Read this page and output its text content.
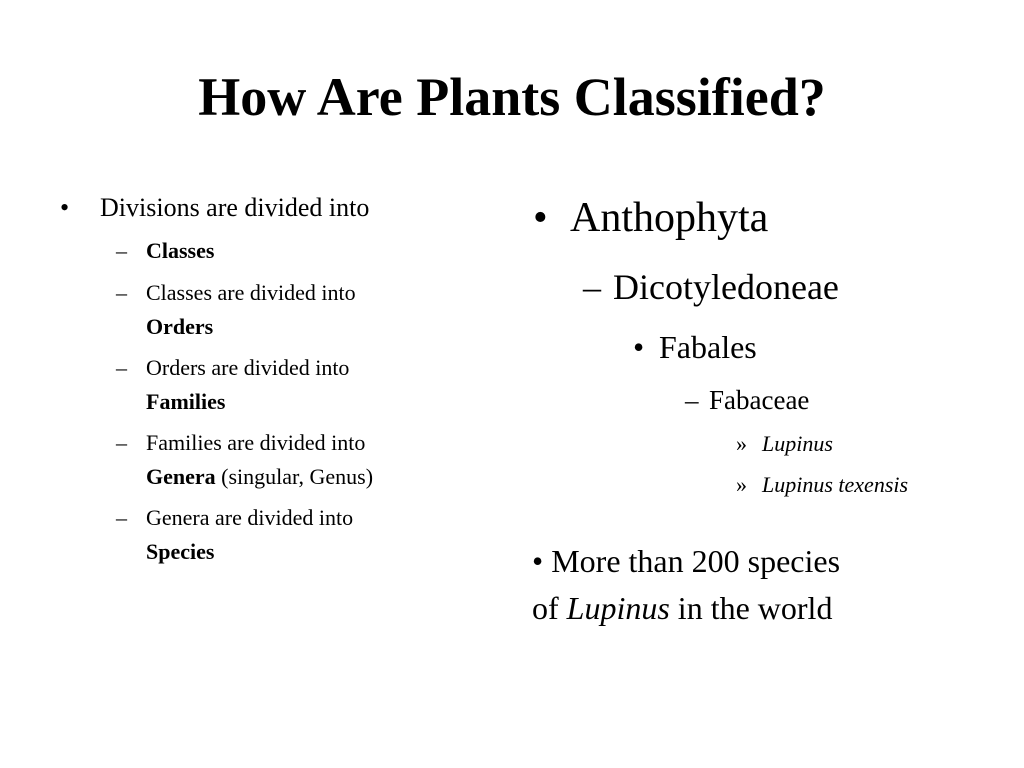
How Are Plants Classified?
• Divisions are divided into
– Classes
– Classes are divided into
Orders
– Orders are divided into
Families
– Families are divided into
Genera (singular, Genus)
– Genera are divided into
Species
• Anthophyta
– Dicotyledoneae
• Fabales
– Fabaceae
» Lupinus
» Lupinus texensis
• More than 200 species
of Lupinus in the world
